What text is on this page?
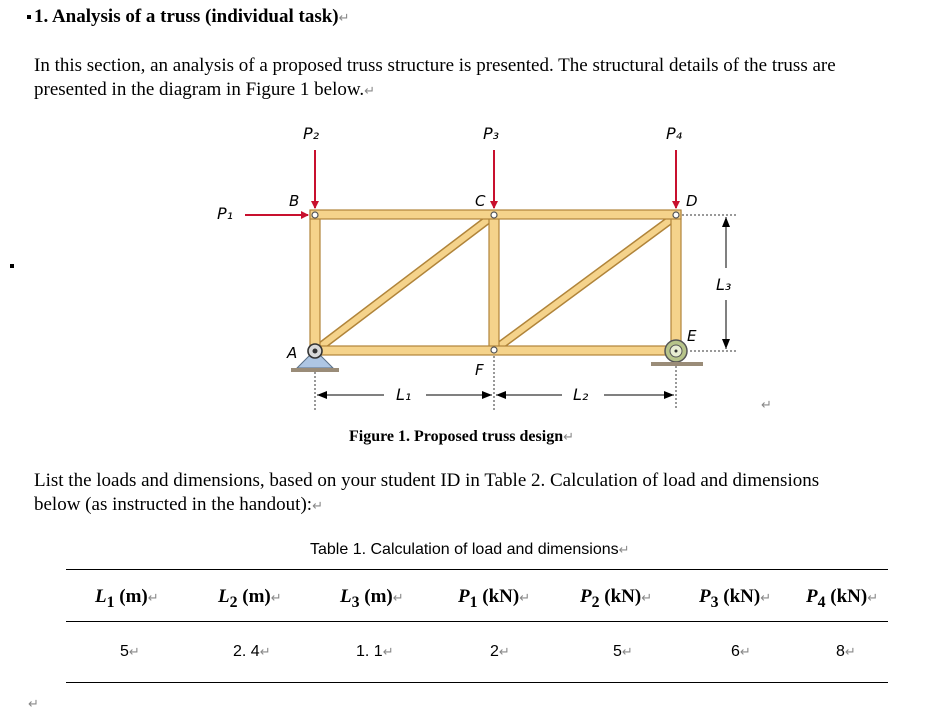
1. Analysis of a truss (individual task)↵
In this section, an analysis of a proposed truss structure is presented. The structural details of the truss are
presented in the diagram in Figure 1 below.↵
P₁
P₂	P₃	P₄
A
B	C	D
E
F
L₁	L₂
L₃
↵
Figure 1. Proposed truss design↵
List the loads and dimensions, based on your student ID in Table 2. Calculation of load and dimensions
below (as instructed in the handout):↵
Table 1. Calculation of load and dimensions↵
$L_1$ (m)↵	$L_2$ (m)↵	$L_3$ (m)↵	$P_1$ (kN)↵	$P_2$ (kN)↵ $P_3$ (kN)↵ $P_4$ (kN)↵
5↵	2. 4↵	1. 1↵	2↵	5↵	6↵	8↵
↵
